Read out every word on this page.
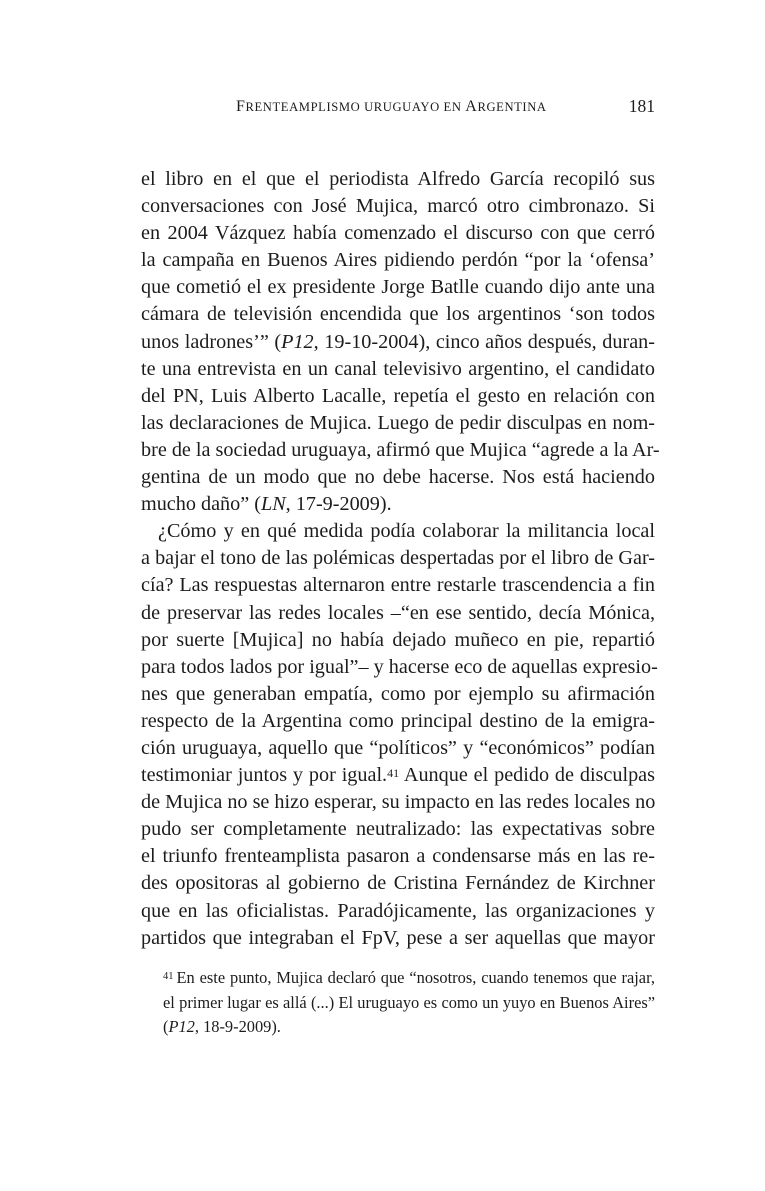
FRENTEAMPLISMO URUGUAYO EN ARGENTINA	181
el libro en el que el periodista Alfredo García recopiló sus
conversaciones con José Mujica, marcó otro cimbronazo. Si
en 2004 Vázquez había comenzado el discurso con que cerró
la campaña en Buenos Aires pidiendo perdón “por la ‘ofensa’
que cometió el ex presidente Jorge Batlle cuando dijo ante una
cámara de televisión encendida que los argentinos ‘son todos
unos ladrones’” (P12, 19-10-2004), cinco años después, duran-
te una entrevista en un canal televisivo argentino, el candidato
del PN, Luis Alberto Lacalle, repetía el gesto en relación con
las declaraciones de Mujica. Luego de pedir disculpas en nom-
bre de la sociedad uruguaya, afirmó que Mujica “agrede a la Ar-
gentina de un modo que no debe hacerse. Nos está haciendo
mucho daño” (LN, 17-9-2009).
¿Cómo y en qué medida podía colaborar la militancia local
a bajar el tono de las polémicas despertadas por el libro de Gar-
cía? Las respuestas alternaron entre restarle trascendencia a fin
de preservar las redes locales –“en ese sentido, decía Mónica,
por suerte [Mujica] no había dejado muñeco en pie, repartió
para todos lados por igual”– y hacerse eco de aquellas expresio-
nes que generaban empatía, como por ejemplo su afirmación
respecto de la Argentina como principal destino de la emigra-
ción uruguaya, aquello que “políticos” y “económicos” podían
testimoniar juntos y por igual.$^{41}$ Aunque el pedido de disculpas
de Mujica no se hizo esperar, su impacto en las redes locales no
pudo ser completamente neutralizado: las expectativas sobre
el triunfo frenteamplista pasaron a condensarse más en las re-
des opositoras al gobierno de Cristina Fernández de Kirchner
que en las oficialistas. Paradójicamente, las organizaciones y
partidos que integraban el FpV, pese a ser aquellas que mayor
$^{41}$ En este punto, Mujica declaró que “nosotros, cuando tenemos que rajar,
el primer lugar es allá (...) El uruguayo es como un yuyo en Buenos Aires”
(P12, 18-9-2009).
